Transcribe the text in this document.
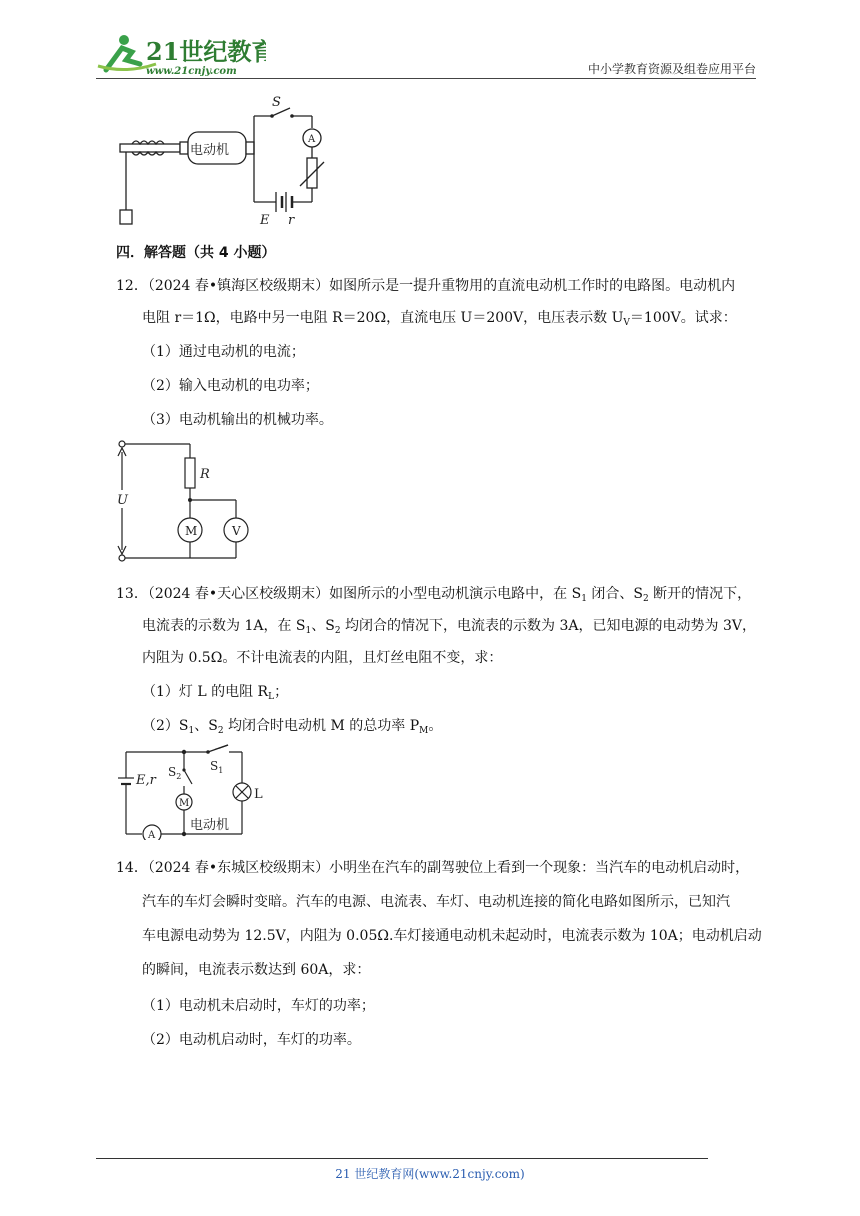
21世纪教育
www.21cnjy.com	中小学教育资源及组卷应用平台
电动机
S
A
E r
四．解答题（共 4 小题）
12．（2024 春•镇海区校级期末）如图所示是一提升重物用的直流电动机工作时的电路图。电动机内
电阻 r＝1Ω，电路中另一电阻 R＝20Ω，直流电压 U＝200V，电压表示数 $U_V=100V$。试求：
（1）通过电动机的电流；
（2）输入电动机的电功率；
（3）电动机输出的机械功率。
R
U
M	V
13．（2024 春•天心区校级期末）如图所示的小型电动机演示电路中，在 $S_1$ 闭合、$S_2$ 断开的情况下，
电流表的示数为 1A，在 $S_1$、$S_2$ 均闭合的情况下，电流表的示数为 3A，已知电源的电动势为 3V，
内阻为 0.5Ω。不计电流表的内阻，且灯丝电阻不变，求：
（1）灯 L 的电阻 $R_L$；
$(2)S_1$、$S_2$ 均闭合时电动机 M 的总功率 $P_M$。
E,r
$S_2$
$S_1$
M
L
A
电动机
14．（2024 春•东城区校级期末）小明坐在汽车的副驾驶位上看到一个现象：当汽车的电动机启动时，
汽车的车灯会瞬时变暗。汽车的电源、电流表、车灯、电动机连接的简化电路如图所示，已知汽
车电源电动势为 12.5V，内阻为 0.05Ω.车灯接通电动机未起动时，电流表示数为 10A；电动机启动
的瞬间，电流表示数达到 60A，求：
（1）电动机未启动时，车灯的功率；
（2）电动机启动时，车灯的功率。
21 世纪教育网(www.21cnjy.com)
